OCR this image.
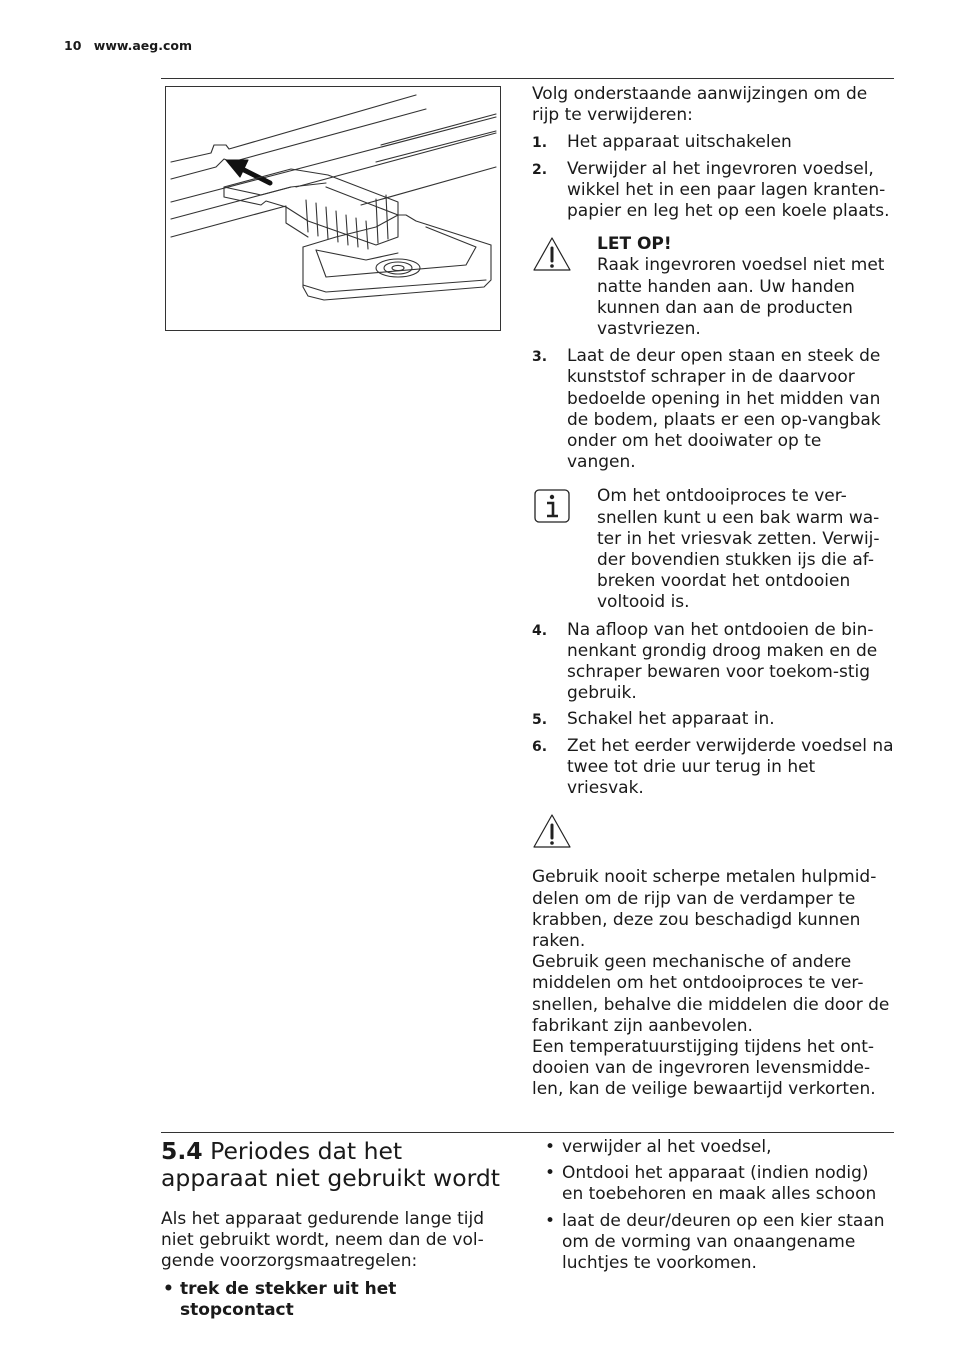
10 www.aeg.com

Volg onderstaande aanwijzingen om de rijp te verwijderen:

1. Het apparaat uitschakelen
2. Verwijder al het ingevroren voedsel, wikkel het in een paar lagen kranten-papier en leg het op een koele plaats.
LET OP!
Raak ingevroren voedsel niet met natte handen aan. Uw handen kunnen dan aan de producten vastvriezen.
3. Laat de deur open staan en steek de kunststof schraper in de daarvoor bedoelde opening in het midden van de bodem, plaats er een op-vangbak onder om het dooiwater op te vangen.
Om het ontdooiproces te ver-snellen kunt u een bak warm wa-ter in het vriesvak zetten. Verwij-der bovendien stukken ijs die af-breken voordat het ontdooien voltooid is.
4. Na afloop van het ontdooien de bin-nenkant grondig droog maken en de schraper bewaren voor toekom-stig gebruik.
5. Schakel het apparaat in.
6. Zet het eerder verwijderde voedsel na twee tot drie uur terug in het vriesvak.

Gebruik nooit scherpe metalen hulpmid-delen om de rijp van de verdamper te krabben, deze zou beschadigd kunnen raken.

Gebruik geen mechanische of andere middelen om het ontdooiproces te ver-snellen, behalve die middelen die door de fabrikant zijn aanbevolen.

Een temperatuurstijging tijdens het ont-dooien van de ingevroren levensmidde-len, kan de veilige bewaartijd verkorten.

5.4 Periodes dat het apparaat niet gebruikt wordt

Als het apparaat gedurende lange tijd niet gebruikt wordt, neem dan de vol-gende voorzorgsmaatregelen:

• trek de stekker uit het stopcontact
• verwijder al het voedsel,
• Ontdooi het apparaat (indien nodig) en toebehoren en maak alles schoon
• laat de deur/deuren op een kier staan om de vorming van onaangename luchtjes te voorkomen.
